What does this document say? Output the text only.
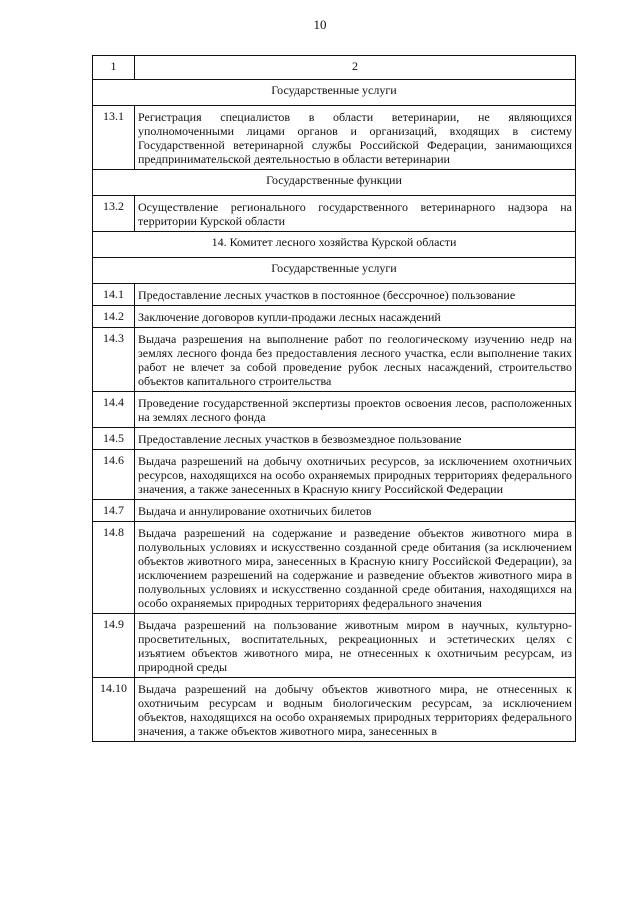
10
1	2
Государственные услуги	
13.1	Регистрация специалистов в области ветеринарии, не являющихся уполномоченными лицами органов и организаций, входящих в систему Государственной ветеринарной службы Российской Федерации, занимающихся предпринимательской деятельностью в области ветеринарии
Государственные функции	
13.2	Осуществление регионального государственного ветеринарного надзора на территории Курской области
14. Комитет лесного хозяйства Курской области	
Государственные услуги	
14.1	Предоставление лесных участков в постоянное (бессрочное) пользование
14.2	Заключение договоров купли-продажи лесных насаждений
14.3	Выдача разрешения на выполнение работ по геологическому изучению недр на землях лесного фонда без предоставления лесного участка, если выполнение таких работ не влечет за собой проведение рубок лесных насаждений, строительство объектов капитального строительства
14.4	Проведение государственной экспертизы проектов освоения лесов, расположенных на землях лесного фонда
14.5	Предоставление лесных участков в безвозмездное пользование
14.6	Выдача разрешений на добычу охотничьих ресурсов, за исключением охотничьих ресурсов, находящихся на особо охраняемых природных территориях федерального значения, а также занесенных в Красную книгу Российской Федерации
14.7	Выдача и аннулирование охотничьих билетов
14.8	Выдача разрешений на содержание и разведение объектов животного мира в полувольных условиях и искусственно созданной среде обитания (за исключением объектов животного мира, занесенных в Красную книгу Российской Федерации), за исключением разрешений на содержание и разведение объектов животного мира в полувольных условиях и искусственно созданной среде обитания, находящихся на особо охраняемых природных территориях федерального значения
14.9	Выдача разрешений на пользование животным миром в научных, культурно-просветительных, воспитательных, рекреационных и эстетических целях с изъятием объектов животного мира, не отнесенных к охотничьим ресурсам, из природной среды
14.10	Выдача разрешений на добычу объектов животного мира, не отнесенных к охотничьим ресурсам и водным биологическим ресурсам, за исключением объектов, находящихся на особо охраняемых природных территориях федерального значения, а также объектов животного мира, занесенных в
